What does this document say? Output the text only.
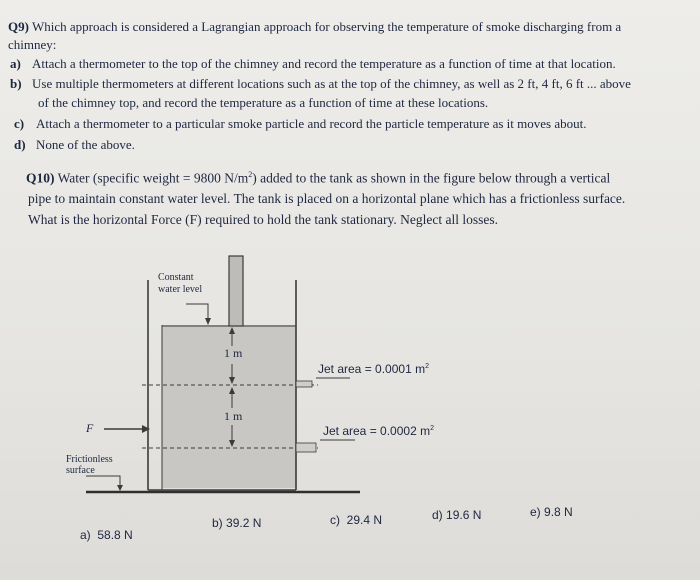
Q9) Which approach is considered a Lagrangian approach for observing the temperature of smoke discharging from a
chimney:
a) Attach a thermometer to the top of the chimney and record the temperature as a function of time at that location.
b) Use multiple thermometers at different locations such as at the top of the chimney, as well as 2 ft, 4 ft, 6 ft ... above
of the chimney top, and record the temperature as a function of time at these locations.
c) Attach a thermometer to a particular smoke particle and record the particle temperature as it moves about.
d) None of the above.
Q10) Water (specific weight = 9800 $N/m^2$) added to the tank as shown in the figure below through a vertical
pipe to maintain constant water level. The tank is placed on a horizontal plane which has a frictionless surface.
What is the horizontal Force (F) required to hold the tank stationary. Neglect all losses.
Constant
water level
1 m
1 m
Jet area = 0.0001 $m^2$
Jet area = 0.0002 $m^2$
F
Frictionless
surface
a) 58.8 N
b) 39.2 N	c) 29.4 N	d) 19.6 N	e) 9.8 N
